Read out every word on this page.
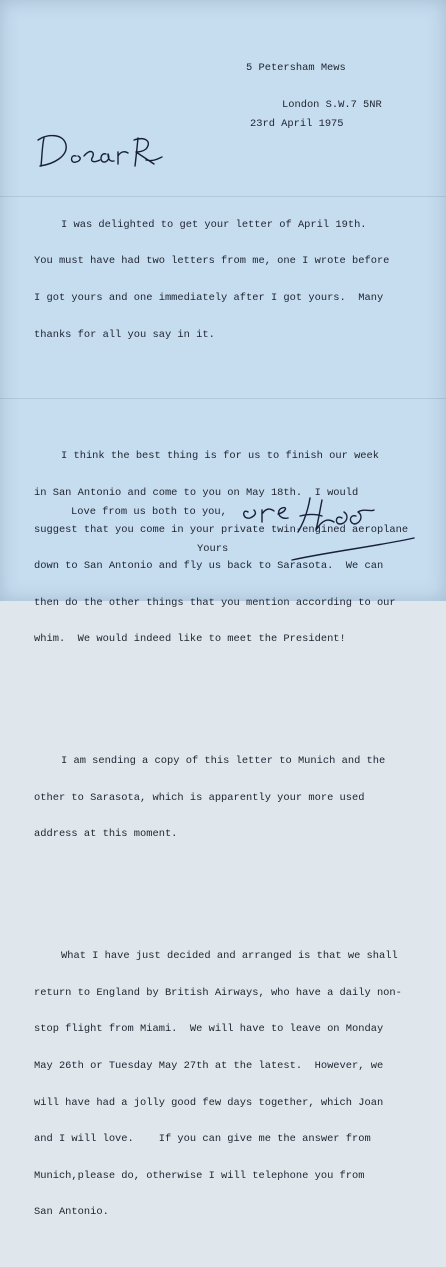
5 Petersham Mews

London S.W.7 5NR

23rd April 1975

I was delighted to get your letter of April 19th.

You must have had two letters from me, one I wrote before

I got yours and one immediately after I got yours.  Many

thanks for all you say in it.

I think the best thing is for us to finish our week

in San Antonio and come to you on May 18th.  I would

suggest that you come in your private twin-engined aeroplane

down to San Antonio and fly us back to Sarasota.  We can

then do the other things that you mention according to our

whim.  We would indeed like to meet the President!

I am sending a copy of this letter to Munich and the

other to Sarasota, which is apparently your more used

address at this moment.

What I have just decided and arranged is that we shall

return to England by British Airways, who have a daily non-

stop flight from Miami.  We will have to leave on Monday

May 26th or Tuesday May 27th at the latest.  However, we

will have had a jolly good few days together, which Joan

and I will love.    If you can give me the answer from

Munich,please do, otherwise I will telephone you from

San Antonio.

Love from us both to you,

Yours
